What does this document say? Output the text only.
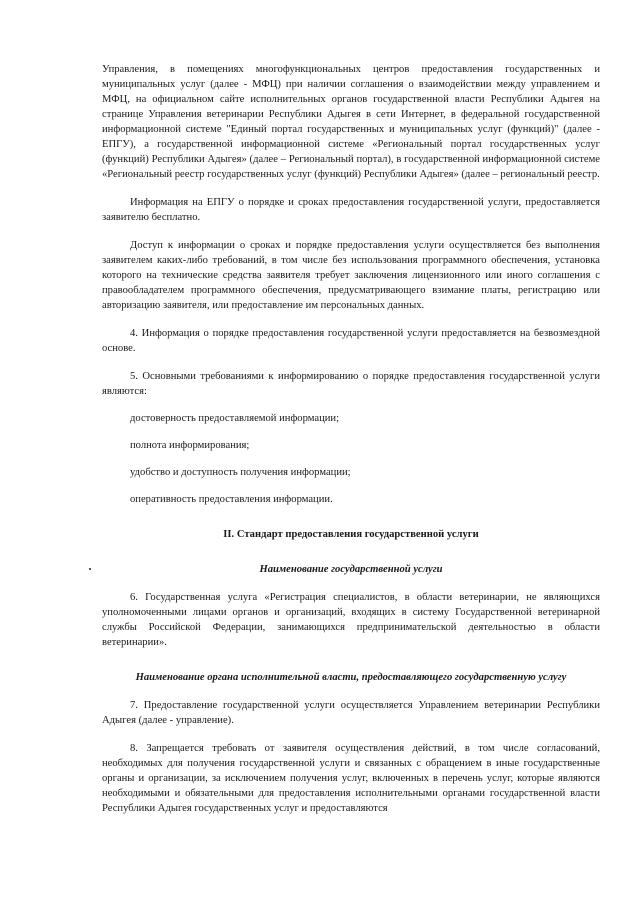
Управления, в помещениях многофункциональных центров предоставления государственных и муниципальных услуг (далее - МФЦ) при наличии соглашения о взаимодействии между управлением и МФЦ, на официальном сайте исполнительных органов государственной власти Республики Адыгея на странице Управления ветеринарии Республики Адыгея в сети Интернет, в федеральной государственной информационной системе "Единый портал государственных и муниципальных услуг (функций)" (далее - ЕПГУ), а государственной информационной системе «Региональный портал государственных услуг (функций) Республики Адыгея» (далее – Региональный портал), в государственной информационной системе «Региональный реестр государственных услуг (функций) Республики Адыгея» (далее – региональный реестр.

Информация на ЕПГУ о порядке и сроках предоставления государственной услуги, предоставляется заявителю бесплатно.

Доступ к информации о сроках и порядке предоставления услуги осуществляется без выполнения заявителем каких-либо требований, в том числе без использования программного обеспечения, установка которого на технические средства заявителя требует заключения лицензионного или иного соглашения с правообладателем программного обеспечения, предусматривающего взимание платы, регистрацию или авторизацию заявителя, или предоставление им персональных данных.

4. Информация о порядке предоставления государственной услуги предоставляется на безвозмездной основе.

5. Основными требованиями к информированию о порядке предоставления государственной услуги являются:

достоверность предоставляемой информации;

полнота информирования;

удобство и доступность получения информации;

оперативность предоставления информации.

II. Стандарт предоставления государственной услуги

Наименование государственной услуги

6. Государственная услуга «Регистрация специалистов, в области ветеринарии, не являющихся уполномоченными лицами органов и организаций, входящих в систему Государственной ветеринарной службы Российской Федерации, занимающихся предпринимательской деятельностью в области ветеринарии».

Наименование органа исполнительной власти, предоставляющего государственную услугу

7. Предоставление государственной услуги осуществляется Управлением ветеринарии Республики Адыгея (далее - управление).

8. Запрещается требовать от заявителя осуществления действий, в том числе согласований, необходимых для получения государственной услуги и связанных с обращением в иные государственные органы и организации, за исключением получения услуг, включенных в перечень услуг, которые являются необходимыми и обязательными для предоставления исполнительными органами государственной власти Республики Адыгея государственных услуг и предоставляются
